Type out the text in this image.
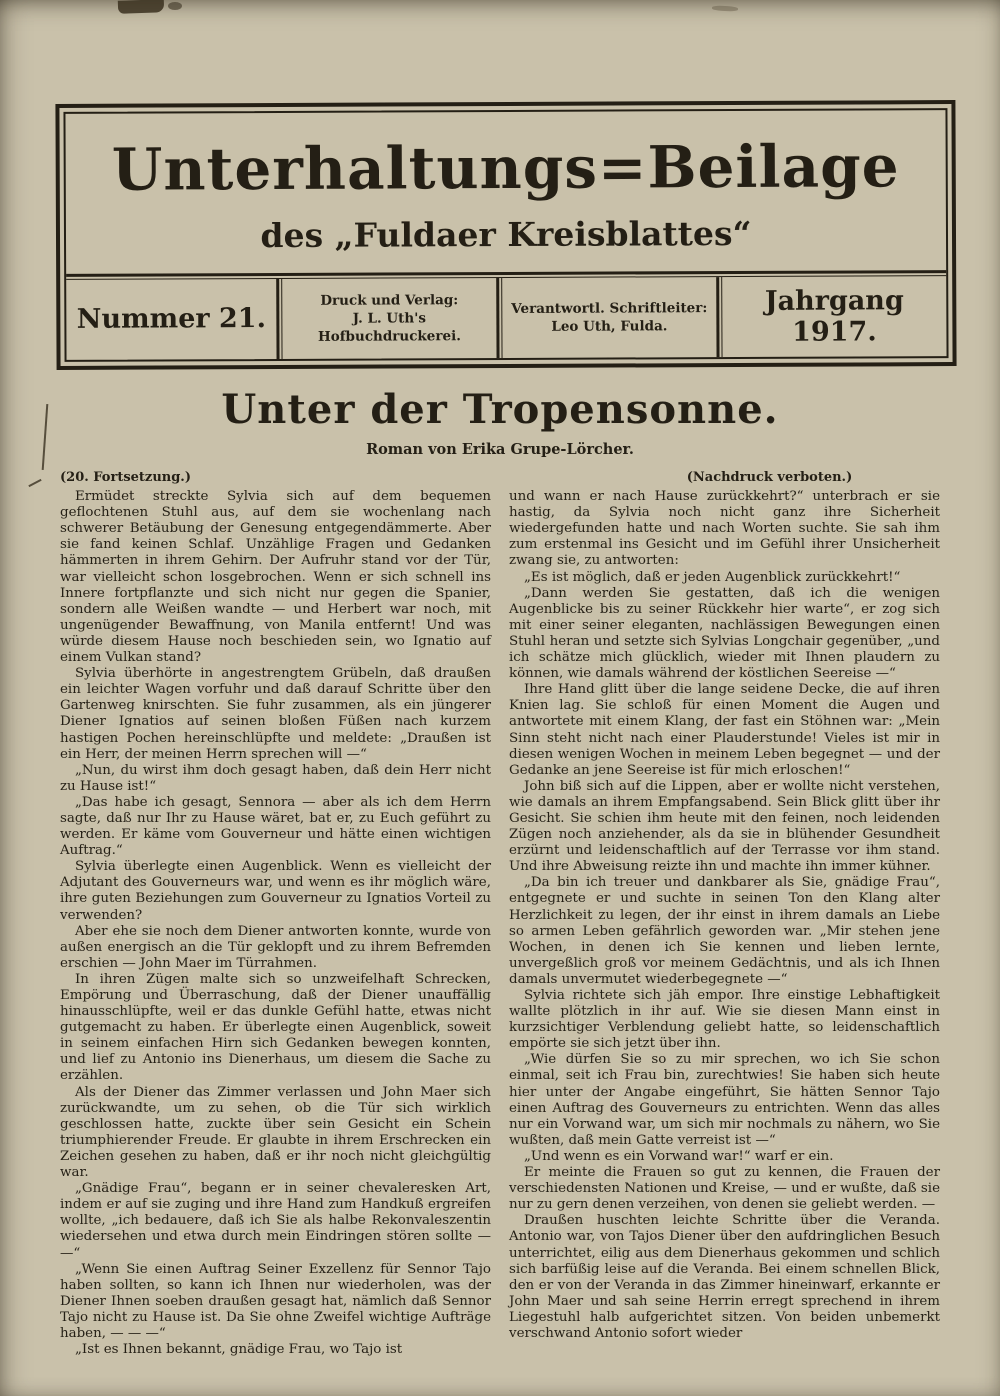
Unterhaltungs=Beilage
des „Fuldaer Kreisblattes“
Nummer 21.
Druck und Verlag:
J. L. Uth's Hofbuchdruckerei.
Verantwortl. Schriftleiter:
Leo Uth, Fulda.
Jahrgang 1917.
Unter der Tropensonne.
Roman von Erika Grupe-Lörcher.
(20. Fortsetzung.)

Ermüdet streckte Sylvia sich auf dem bequemen geflochtenen Stuhl aus, auf dem sie wochenlang nach schwerer Betäubung der Genesung entgegendämmerte. Aber sie fand keinen Schlaf. Unzählige Fragen und Gedanken hämmerten in ihrem Gehirn. Der Aufruhr stand vor der Tür, war vielleicht schon losgebrochen. Wenn er sich schnell ins Innere fortpflanzte und sich nicht nur gegen die Spanier, sondern alle Weißen wandte — und Herbert war noch, mit ungenügender Bewaffnung, von Manila entfernt! Und was würde diesem Hause noch beschieden sein, wo Ignatio auf einem Vulkan stand?

Sylvia überhörte in angestrengtem Grübeln, daß draußen ein leichter Wagen vorfuhr und daß darauf Schritte über den Gartenweg knirschten. Sie fuhr zusammen, als ein jüngerer Diener Ignatios auf seinen bloßen Füßen nach kurzem hastigen Pochen hereinschlüpfte und meldete: „Draußen ist ein Herr, der meinen Herrn sprechen will —“

„Nun, du wirst ihm doch gesagt haben, daß dein Herr nicht zu Hause ist!“

„Das habe ich gesagt, Sennora — aber als ich dem Herrn sagte, daß nur Ihr zu Hause wäret, bat er, zu Euch geführt zu werden. Er käme vom Gouverneur und hätte einen wichtigen Auftrag.“

Sylvia überlegte einen Augenblick. Wenn es vielleicht der Adjutant des Gouverneurs war, und wenn es ihr möglich wäre, ihre guten Beziehungen zum Gouverneur zu Ignatios Vorteil zu verwenden?

Aber ehe sie noch dem Diener antworten konnte, wurde von außen energisch an die Tür geklopft und zu ihrem Befremden erschien — John Maer im Türrahmen.

In ihren Zügen malte sich so unzweifelhaft Schrecken, Empörung und Überraschung, daß der Diener unauffällig hinausschlüpfte, weil er das dunkle Gefühl hatte, etwas nicht gutgemacht zu haben. Er überlegte einen Augenblick, soweit in seinem einfachen Hirn sich Gedanken bewegen konnten, und lief zu Antonio ins Dienerhaus, um diesem die Sache zu erzählen.

Als der Diener das Zimmer verlassen und John Maer sich zurückwandte, um zu sehen, ob die Tür sich wirklich geschlossen hatte, zuckte über sein Gesicht ein Schein triumphierender Freude. Er glaubte in ihrem Erschrecken ein Zeichen gesehen zu haben, daß er ihr noch nicht gleichgültig war.

„Gnädige Frau“, begann er in seiner chevaleresken Art, indem er auf sie zuging und ihre Hand zum Handkuß ergreifen wollte, „ich bedauere, daß ich Sie als halbe Rekonvaleszentin wiedersehen und etwa durch mein Eindringen stören sollte — —“

„Wenn Sie einen Auftrag Seiner Exzellenz für Sennor Tajo haben sollten, so kann ich Ihnen nur wiederholen, was der Diener Ihnen soeben draußen gesagt hat, nämlich daß Sennor Tajo nicht zu Hause ist. Da Sie ohne Zweifel wichtige Aufträge haben, — — —“

„Ist es Ihnen bekannt, gnädige Frau, wo Tajo ist

(Nachdruck verboten.)

und wann er nach Hause zurückkehrt?“ unterbrach er sie hastig, da Sylvia noch nicht ganz ihre Sicherheit wiedergefunden hatte und nach Worten suchte. Sie sah ihm zum erstenmal ins Gesicht und im Gefühl ihrer Unsicherheit zwang sie, zu antworten:

„Es ist möglich, daß er jeden Augenblick zurückkehrt!“

„Dann werden Sie gestatten, daß ich die wenigen Augenblicke bis zu seiner Rückkehr hier warte“, er zog sich mit einer seiner eleganten, nachlässigen Bewegungen einen Stuhl heran und setzte sich Sylvias Longchair gegenüber, „und ich schätze mich glücklich, wieder mit Ihnen plaudern zu können, wie damals während der köstlichen Seereise —“

Ihre Hand glitt über die lange seidene Decke, die auf ihren Knien lag. Sie schloß für einen Moment die Augen und antwortete mit einem Klang, der fast ein Stöhnen war: „Mein Sinn steht nicht nach einer Plauderstunde! Vieles ist mir in diesen wenigen Wochen in meinem Leben begegnet — und der Gedanke an jene Seereise ist für mich erloschen!“

John biß sich auf die Lippen, aber er wollte nicht verstehen, wie damals an ihrem Empfangsabend. Sein Blick glitt über ihr Gesicht. Sie schien ihm heute mit den feinen, noch leidenden Zügen noch anziehender, als da sie in blühender Gesundheit erzürnt und leidenschaftlich auf der Terrasse vor ihm stand. Und ihre Abweisung reizte ihn und machte ihn immer kühner.

„Da bin ich treuer und dankbarer als Sie, gnädige Frau“, entgegnete er und suchte in seinen Ton den Klang alter Herzlichkeit zu legen, der ihr einst in ihrem damals an Liebe so armen Leben gefährlich geworden war. „Mir stehen jene Wochen, in denen ich Sie kennen und lieben lernte, unvergeßlich groß vor meinem Gedächtnis, und als ich Ihnen damals unvermutet wiederbegegnete —“

Sylvia richtete sich jäh empor. Ihre einstige Lebhaftigkeit wallte plötzlich in ihr auf. Wie sie diesen Mann einst in kurzsichtiger Verblendung geliebt hatte, so leidenschaftlich empörte sie sich jetzt über ihn.

„Wie dürfen Sie so zu mir sprechen, wo ich Sie schon einmal, seit ich Frau bin, zurechtwies! Sie haben sich heute hier unter der Angabe eingeführt, Sie hätten Sennor Tajo einen Auftrag des Gouverneurs zu entrichten. Wenn das alles nur ein Vorwand war, um sich mir nochmals zu nähern, wo Sie wußten, daß mein Gatte verreist ist —“

„Und wenn es ein Vorwand war!“ warf er ein.

Er meinte die Frauen so gut zu kennen, die Frauen der verschiedensten Nationen und Kreise, — und er wußte, daß sie nur zu gern denen verzeihen, von denen sie geliebt werden. —

Draußen huschten leichte Schritte über die Veranda. Antonio war, von Tajos Diener über den aufdringlichen Besuch unterrichtet, eilig aus dem Dienerhaus gekommen und schlich sich barfüßig leise auf die Veranda. Bei einem schnellen Blick, den er von der Veranda in das Zimmer hineinwarf, erkannte er John Maer und sah seine Herrin erregt sprechend in ihrem Liegestuhl halb aufgerichtet sitzen. Von beiden unbemerkt verschwand Antonio sofort wieder
